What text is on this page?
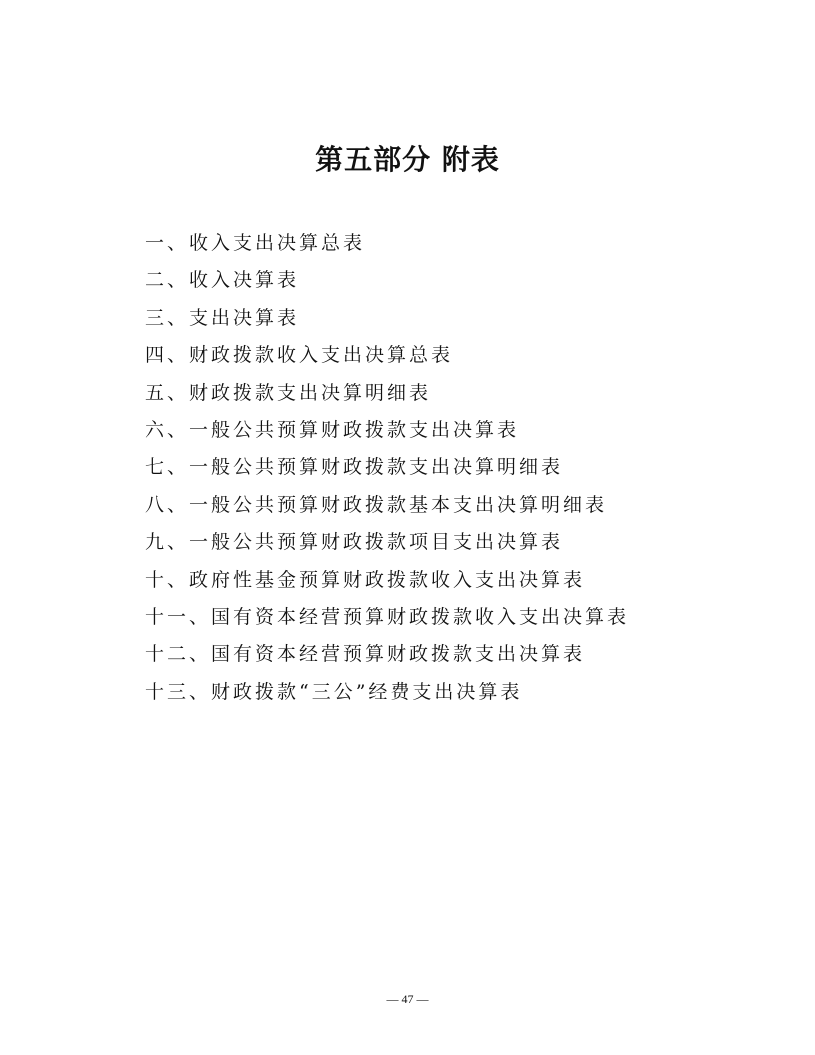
第五部分 附表
一、收入支出决算总表
二、收入决算表
三、支出决算表
四、财政拨款收入支出决算总表
五、财政拨款支出决算明细表
六、一般公共预算财政拨款支出决算表
七、一般公共预算财政拨款支出决算明细表
八、一般公共预算财政拨款基本支出决算明细表
九、一般公共预算财政拨款项目支出决算表
十、政府性基金预算财政拨款收入支出决算表
十一、国有资本经营预算财政拨款收入支出决算表
十二、国有资本经营预算财政拨款支出决算表
十三、财政拨款“三公”经费支出决算表
— 47 —
